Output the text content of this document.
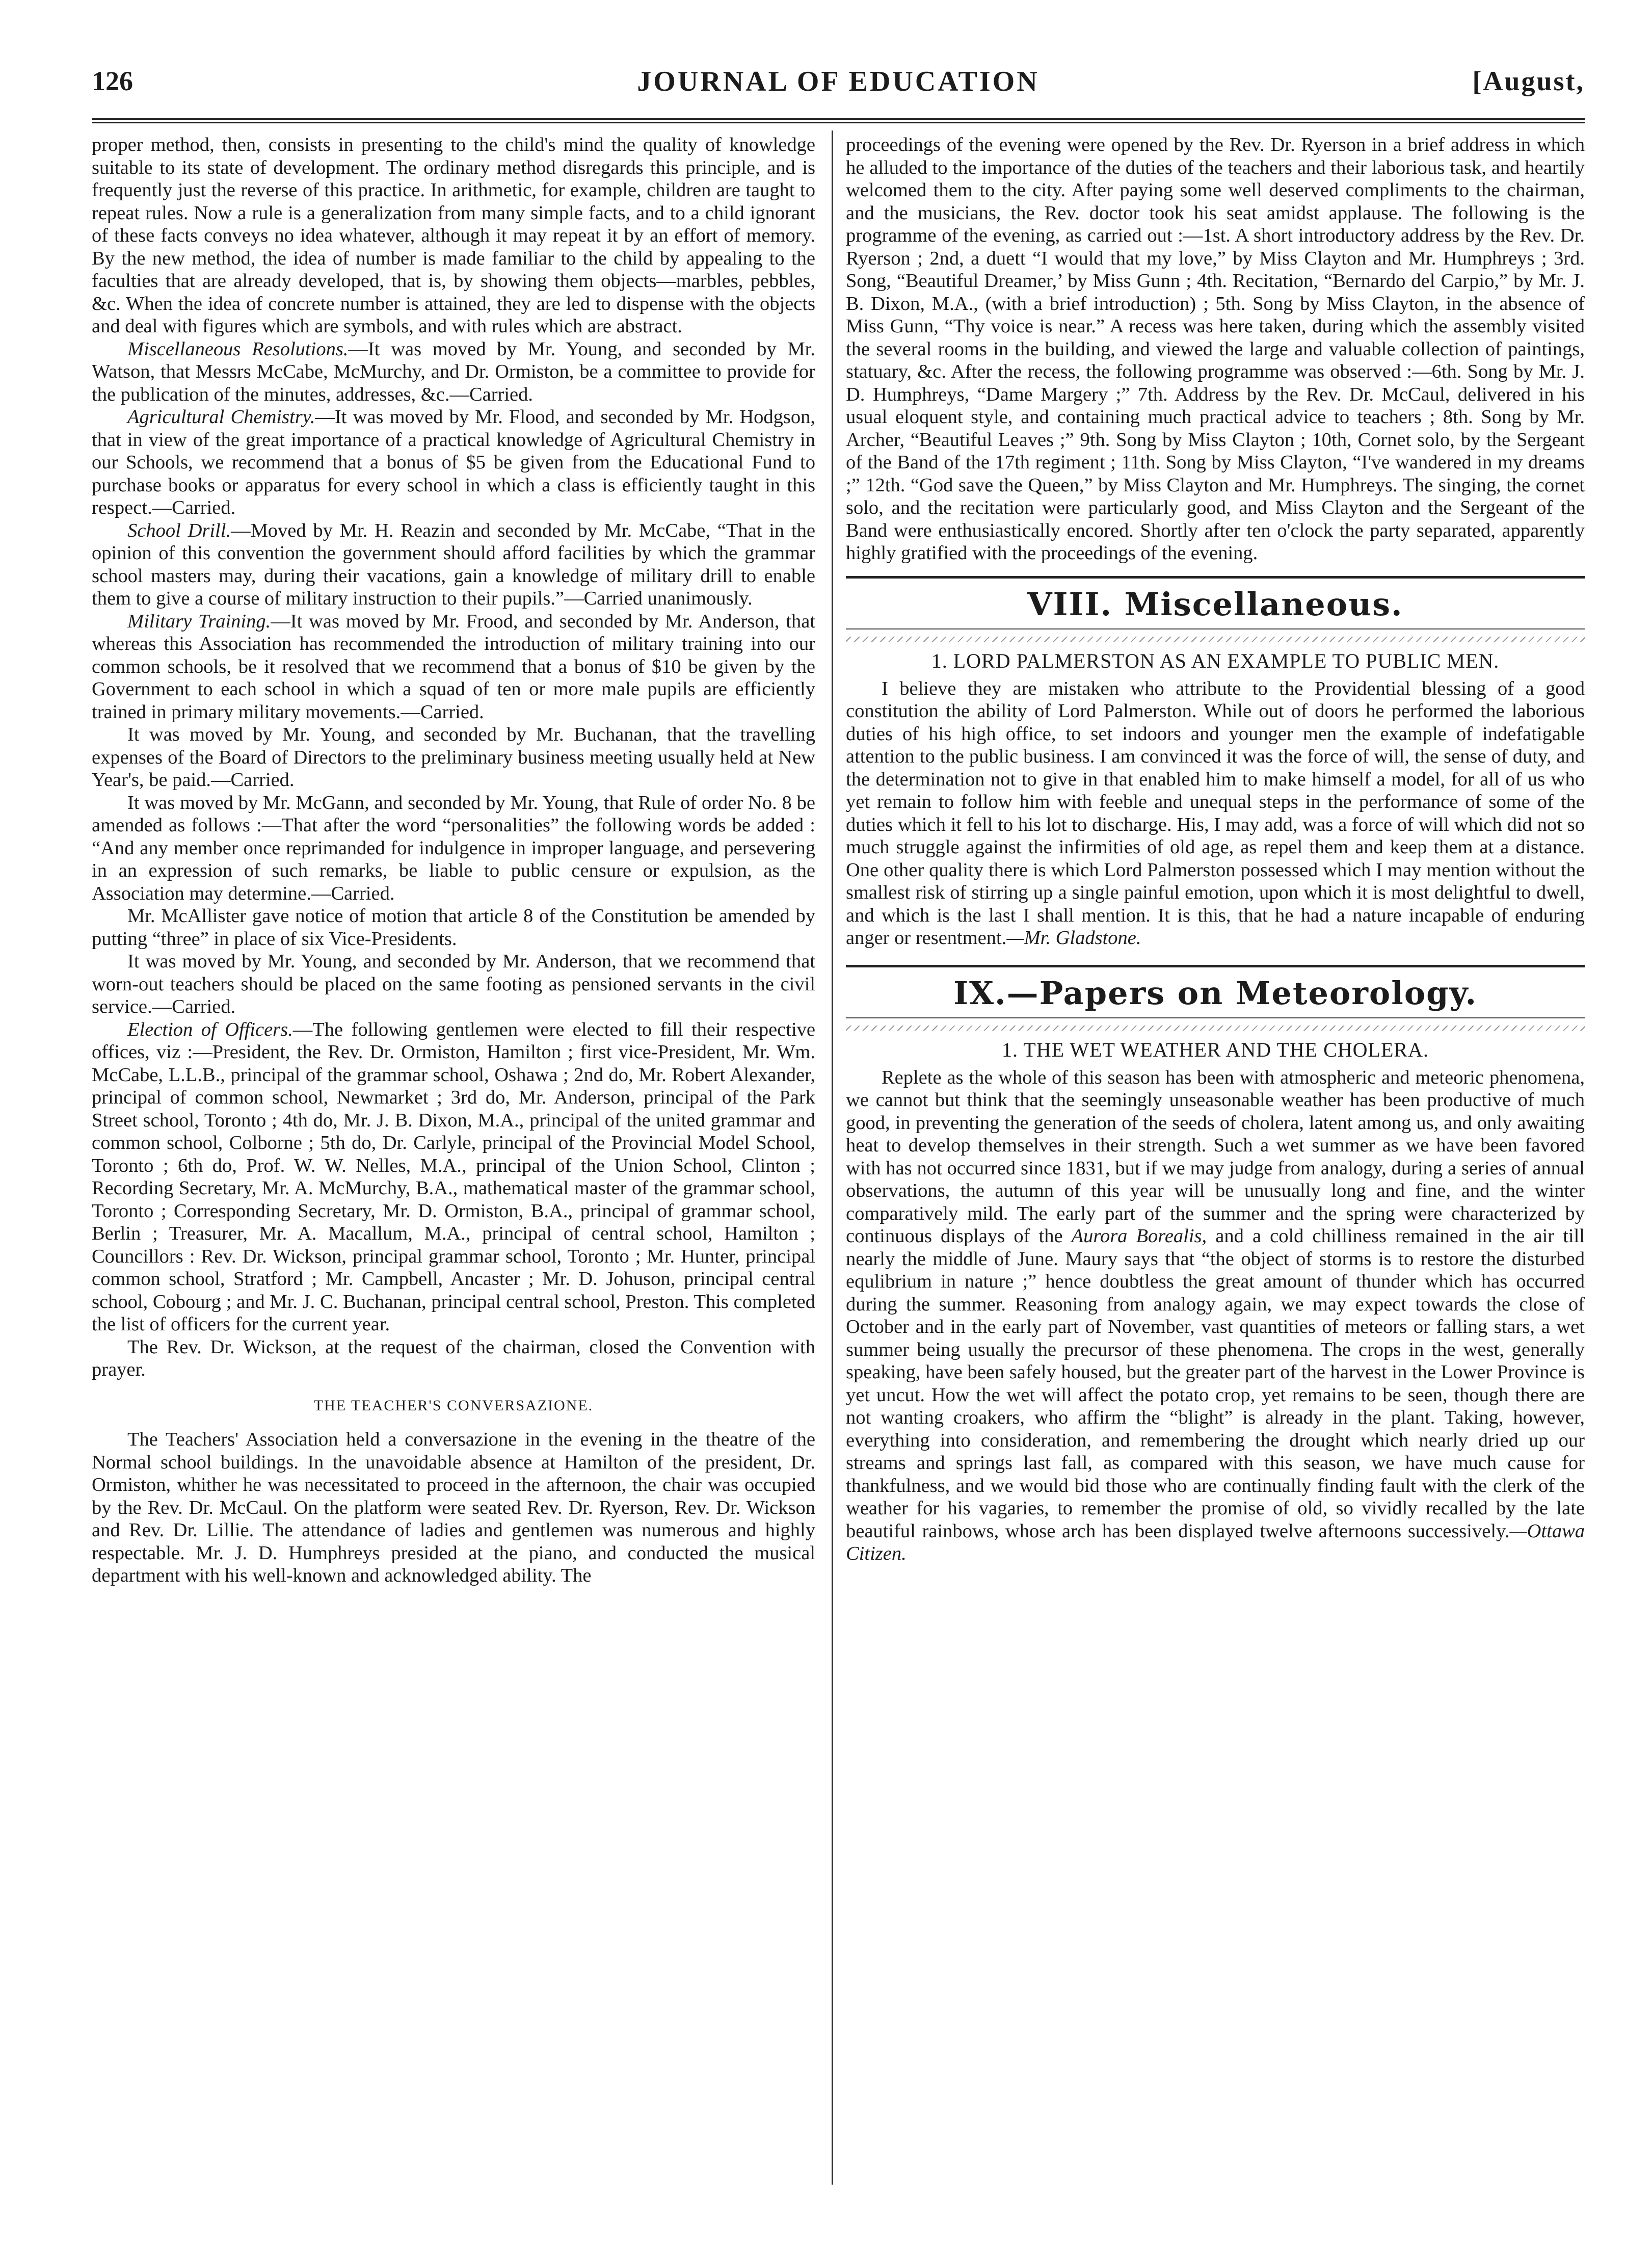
126	JOURNAL OF EDUCATION	[August,

proper method, then, consists in presenting to the child's mind the quality of knowledge suitable to its state of development. The ordinary method disregards this principle, and is frequently just the reverse of this practice. In arithmetic, for example, children are taught to repeat rules. Now a rule is a generalization from many simple facts, and to a child ignorant of these facts conveys no idea whatever, although it may repeat it by an effort of memory. By the new method, the idea of number is made familiar to the child by appealing to the faculties that are already developed, that is, by showing them objects—marbles, pebbles, &c. When the idea of concrete number is attained, they are led to dispense with the objects and deal with figures which are symbols, and with rules which are abstract.

Miscellaneous Resolutions.—It was moved by Mr. Young, and seconded by Mr. Watson, that Messrs McCabe, McMurchy, and Dr. Ormiston, be a committee to provide for the publication of the minutes, addresses, &c.—Carried.

Agricultural Chemistry.—It was moved by Mr. Flood, and seconded by Mr. Hodgson, that in view of the great importance of a practical knowledge of Agricultural Chemistry in our Schools, we recommend that a bonus of $5 be given from the Educational Fund to purchase books or apparatus for every school in which a class is efficiently taught in this respect.—Carried.

School Drill.—Moved by Mr. H. Reazin and seconded by Mr. McCabe, “That in the opinion of this convention the government should afford facilities by which the grammar school masters may, during their vacations, gain a knowledge of military drill to enable them to give a course of military instruction to their pupils.”—Carried unanimously.

Military Training.—It was moved by Mr. Frood, and seconded by Mr. Anderson, that whereas this Association has recommended the introduction of military training into our common schools, be it resolved that we recommend that a bonus of $10 be given by the Government to each school in which a squad of ten or more male pupils are efficiently trained in primary military movements.—Carried.

It was moved by Mr. Young, and seconded by Mr. Buchanan, that the travelling expenses of the Board of Directors to the preliminary business meeting usually held at New Year's, be paid.—Carried.

It was moved by Mr. McGann, and seconded by Mr. Young, that Rule of order No. 8 be amended as follows :—That after the word “personalities” the following words be added : “And any member once reprimanded for indulgence in improper language, and persevering in an expression of such remarks, be liable to public censure or expulsion, as the Association may determine.—Carried.

Mr. McAllister gave notice of motion that article 8 of the Constitution be amended by putting “three” in place of six Vice-Presidents.

It was moved by Mr. Young, and seconded by Mr. Anderson, that we recommend that worn-out teachers should be placed on the same footing as pensioned servants in the civil service.—Carried.

Election of Officers.—The following gentlemen were elected to fill their respective offices, viz :—President, the Rev. Dr. Ormiston, Hamilton ; first vice-President, Mr. Wm. McCabe, L.L.B., principal of the grammar school, Oshawa ; 2nd do, Mr. Robert Alexander, principal of common school, Newmarket ; 3rd do, Mr. Anderson, principal of the Park Street school, Toronto ; 4th do, Mr. J. B. Dixon, M.A., principal of the united grammar and common school, Colborne ; 5th do, Dr. Carlyle, principal of the Provincial Model School, Toronto ; 6th do, Prof. W. W. Nelles, M.A., principal of the Union School, Clinton ; Recording Secretary, Mr. A. McMurchy, B.A., mathematical master of the grammar school, Toronto ; Corresponding Secretary, Mr. D. Ormiston, B.A., principal of grammar school, Berlin ; Treasurer, Mr. A. Macallum, M.A., principal of central school, Hamilton ; Councillors : Rev. Dr. Wickson, principal grammar school, Toronto ; Mr. Hunter, principal common school, Stratford ; Mr. Campbell, Ancaster ; Mr. D. Johuson, principal central school, Cobourg ; and Mr. J. C. Buchanan, principal central school, Preston. This completed the list of officers for the current year.

The Rev. Dr. Wickson, at the request of the chairman, closed the Convention with prayer.

THE TEACHER'S CONVERSAZIONE.

The Teachers' Association held a conversazione in the evening in the theatre of the Normal school buildings. In the unavoidable absence at Hamilton of the president, Dr. Ormiston, whither he was necessitated to proceed in the afternoon, the chair was occupied by the Rev. Dr. McCaul. On the platform were seated Rev. Dr. Ryerson, Rev. Dr. Wickson and Rev. Dr. Lillie. The attendance of ladies and gentlemen was numerous and highly respectable. Mr. J. D. Humphreys presided at the piano, and conducted the musical department with his well-known and acknowledged ability. The

proceedings of the evening were opened by the Rev. Dr. Ryerson in a brief address in which he alluded to the importance of the duties of the teachers and their laborious task, and heartily welcomed them to the city. After paying some well deserved compliments to the chairman, and the musicians, the Rev. doctor took his seat amidst applause. The following is the programme of the evening, as carried out :—1st. A short introductory address by the Rev. Dr. Ryerson ; 2nd, a duett “I would that my love,” by Miss Clayton and Mr. Humphreys ; 3rd. Song, “Beautiful Dreamer,’ by Miss Gunn ; 4th. Recitation, “Bernardo del Carpio,” by Mr. J. B. Dixon, M.A., (with a brief introduction) ; 5th. Song by Miss Clayton, in the absence of Miss Gunn, “Thy voice is near.” A recess was here taken, during which the assembly visited the several rooms in the building, and viewed the large and valuable collection of paintings, statuary, &c. After the recess, the following programme was observed :—6th. Song by Mr. J. D. Humphreys, “Dame Margery ;” 7th. Address by the Rev. Dr. McCaul, delivered in his usual eloquent style, and containing much practical advice to teachers ; 8th. Song by Mr. Archer, “Beautiful Leaves ;” 9th. Song by Miss Clayton ; 10th, Cornet solo, by the Sergeant of the Band of the 17th regiment ; 11th. Song by Miss Clayton, “I've wandered in my dreams ;” 12th. “God save the Queen,” by Miss Clayton and Mr. Humphreys. The singing, the cornet solo, and the recitation were particularly good, and Miss Clayton and the Sergeant of the Band were enthusiastically encored. Shortly after ten o'clock the party separated, apparently highly gratified with the proceedings of the evening.

VIII. Miscellaneous.

1. LORD PALMERSTON AS AN EXAMPLE TO PUBLIC MEN.

I believe they are mistaken who attribute to the Providential blessing of a good constitution the ability of Lord Palmerston. While out of doors he performed the laborious duties of his high office, to set indoors and younger men the example of indefatigable attention to the public business. I am convinced it was the force of will, the sense of duty, and the determination not to give in that enabled him to make himself a model, for all of us who yet remain to follow him with feeble and unequal steps in the performance of some of the duties which it fell to his lot to discharge. His, I may add, was a force of will which did not so much struggle against the infirmities of old age, as repel them and keep them at a distance. One other quality there is which Lord Palmerston possessed which I may mention without the smallest risk of stirring up a single painful emotion, upon which it is most delightful to dwell, and which is the last I shall mention. It is this, that he had a nature incapable of enduring anger or resentment.—Mr. Gladstone.

IX.—Papers on Meteorology.

1. THE WET WEATHER AND THE CHOLERA.

Replete as the whole of this season has been with atmospheric and meteoric phenomena, we cannot but think that the seemingly unseasonable weather has been productive of much good, in preventing the generation of the seeds of cholera, latent among us, and only awaiting heat to develop themselves in their strength. Such a wet summer as we have been favored with has not occurred since 1831, but if we may judge from analogy, during a series of annual observations, the autumn of this year will be unusually long and fine, and the winter comparatively mild. The early part of the summer and the spring were characterized by continuous displays of the Aurora Borealis, and a cold chilliness remained in the air till nearly the middle of June. Maury says that “the object of storms is to restore the disturbed equlibrium in nature ;” hence doubtless the great amount of thunder which has occurred during the summer. Reasoning from analogy again, we may expect towards the close of October and in the early part of November, vast quantities of meteors or falling stars, a wet summer being usually the precursor of these phenomena. The crops in the west, generally speaking, have been safely housed, but the greater part of the harvest in the Lower Province is yet uncut. How the wet will affect the potato crop, yet remains to be seen, though there are not wanting croakers, who affirm the “blight” is already in the plant. Taking, however, everything into consideration, and remembering the drought which nearly dried up our streams and springs last fall, as compared with this season, we have much cause for thankfulness, and we would bid those who are continually finding fault with the clerk of the weather for his vagaries, to remember the promise of old, so vividly recalled by the late beautiful rainbows, whose arch has been displayed twelve afternoons successively.—Ottawa Citizen.
